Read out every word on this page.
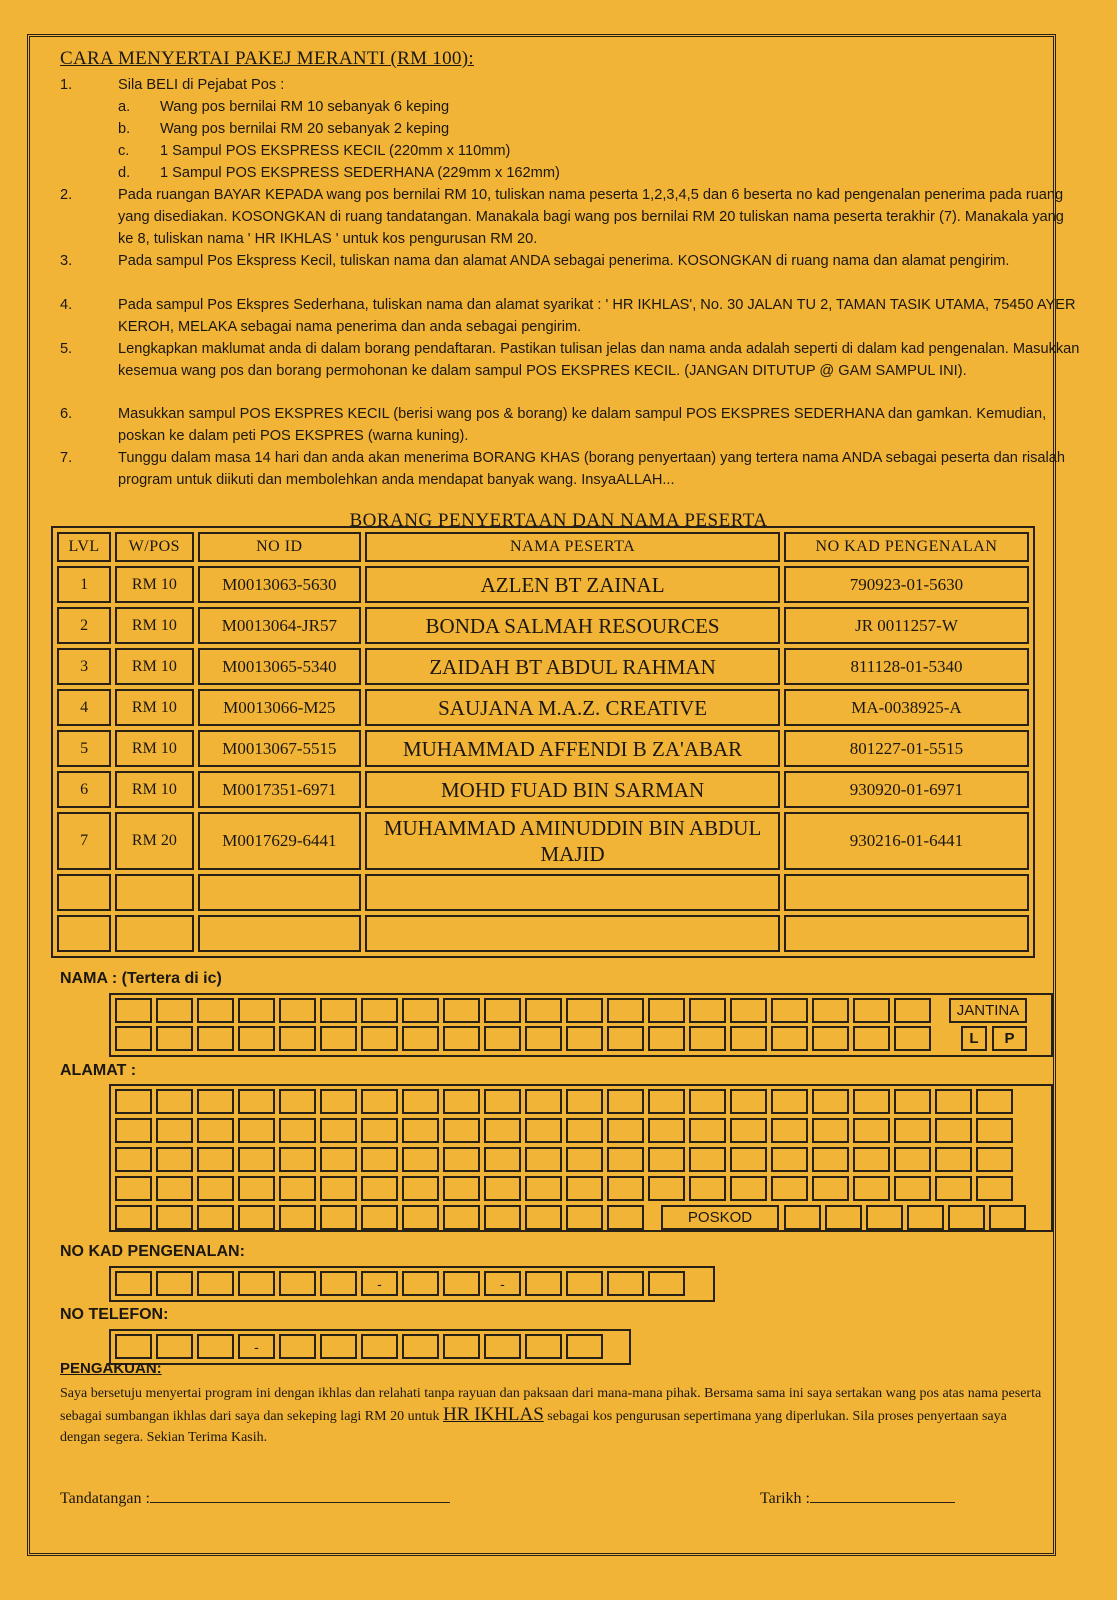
CARA MENYERTAI PAKEJ MERANTI (RM 100):
1.	Sila BELI di Pejabat Pos :
a.	Wang pos bernilai RM 10 sebanyak 6 keping
b.	Wang pos bernilai RM 20 sebanyak 2 keping
c.	1 Sampul POS EKSPRESS KECIL (220mm x 110mm)
d.	1 Sampul POS EKSPRESS SEDERHANA (229mm x 162mm)
2.	Pada ruangan BAYAR KEPADA wang pos bernilai RM 10, tuliskan nama peserta 1,2,3,4,5 dan 6 beserta no kad pengenalan penerima pada ruang yang disediakan. KOSONGKAN di ruang tandatangan. Manakala bagi wang pos bernilai RM 20 tuliskan nama peserta terakhir (7). Manakala yang ke 8, tuliskan nama ' HR IKHLAS ' untuk kos pengurusan RM 20.
3.	Pada sampul Pos Ekspress Kecil, tuliskan nama dan alamat ANDA sebagai penerima. KOSONGKAN di ruang nama dan alamat pengirim.
4.	Pada sampul Pos Ekspres Sederhana, tuliskan nama dan alamat syarikat : ' HR IKHLAS', No. 30 JALAN TU 2, TAMAN TASIK UTAMA, 75450 AYER KEROH, MELAKA sebagai nama penerima dan anda sebagai pengirim.
5.	Lengkapkan maklumat anda di dalam borang pendaftaran. Pastikan tulisan jelas dan nama anda adalah seperti di dalam kad pengenalan. Masukkan kesemua wang pos dan borang permohonan ke dalam sampul POS EKSPRES KECIL. (JANGAN DITUTUP @ GAM SAMPUL INI).
6.	Masukkan sampul POS EKSPRES KECIL (berisi wang pos & borang) ke dalam sampul POS EKSPRES SEDERHANA dan gamkan. Kemudian, poskan ke dalam peti POS EKSPRES (warna kuning).
7.	Tunggu dalam masa 14 hari dan anda akan menerima BORANG KHAS (borang penyertaan) yang tertera nama ANDA sebagai peserta dan risalah program untuk diikuti dan membolehkan anda mendapat banyak wang. InsyaALLAH...
BORANG PENYERTAAN DAN NAMA PESERTA
LVL	W/POS	NO ID	NAMA PESERTA	NO KAD PENGENALAN
1	RM 10	M0013063-5630	AZLEN BT ZAINAL	790923-01-5630
2	RM 10	M0013064-JR57	BONDA SALMAH RESOURCES	JR 0011257-W
3	RM 10	M0013065-5340	ZAIDAH BT ABDUL RAHMAN	811128-01-5340
4	RM 10	M0013066-M25	SAUJANA M.A.Z. CREATIVE	MA-0038925-A
5	RM 10	M0013067-5515	MUHAMMAD AFFENDI B ZA'ABAR	801227-01-5515
6	RM 10	M0017351-6971	MOHD FUAD BIN SARMAN	930920-01-6971
7	RM 20	M0017629-6441	MUHAMMAD AMINUDDIN BIN ABDUL MAJID	930216-01-6441

NAMA : (Tertera di ic)
JANTINA
L	P
ALAMAT :
POSKOD
NO KAD PENGENALAN:
-	-
NO TELEFON:
-
PENGAKUAN:
Saya bersetuju menyertai program ini dengan ikhlas dan relahati tanpa rayuan dan paksaan dari mana-mana pihak. Bersama sama ini saya sertakan wang pos atas nama peserta sebagai sumbangan ikhlas dari saya dan sekeping lagi RM 20 untuk HR IKHLAS sebagai kos pengurusan sepertimana yang diperlukan. Sila proses penyertaan saya dengan segera. Sekian Terima Kasih.
Tandatangan :	Tarikh :
